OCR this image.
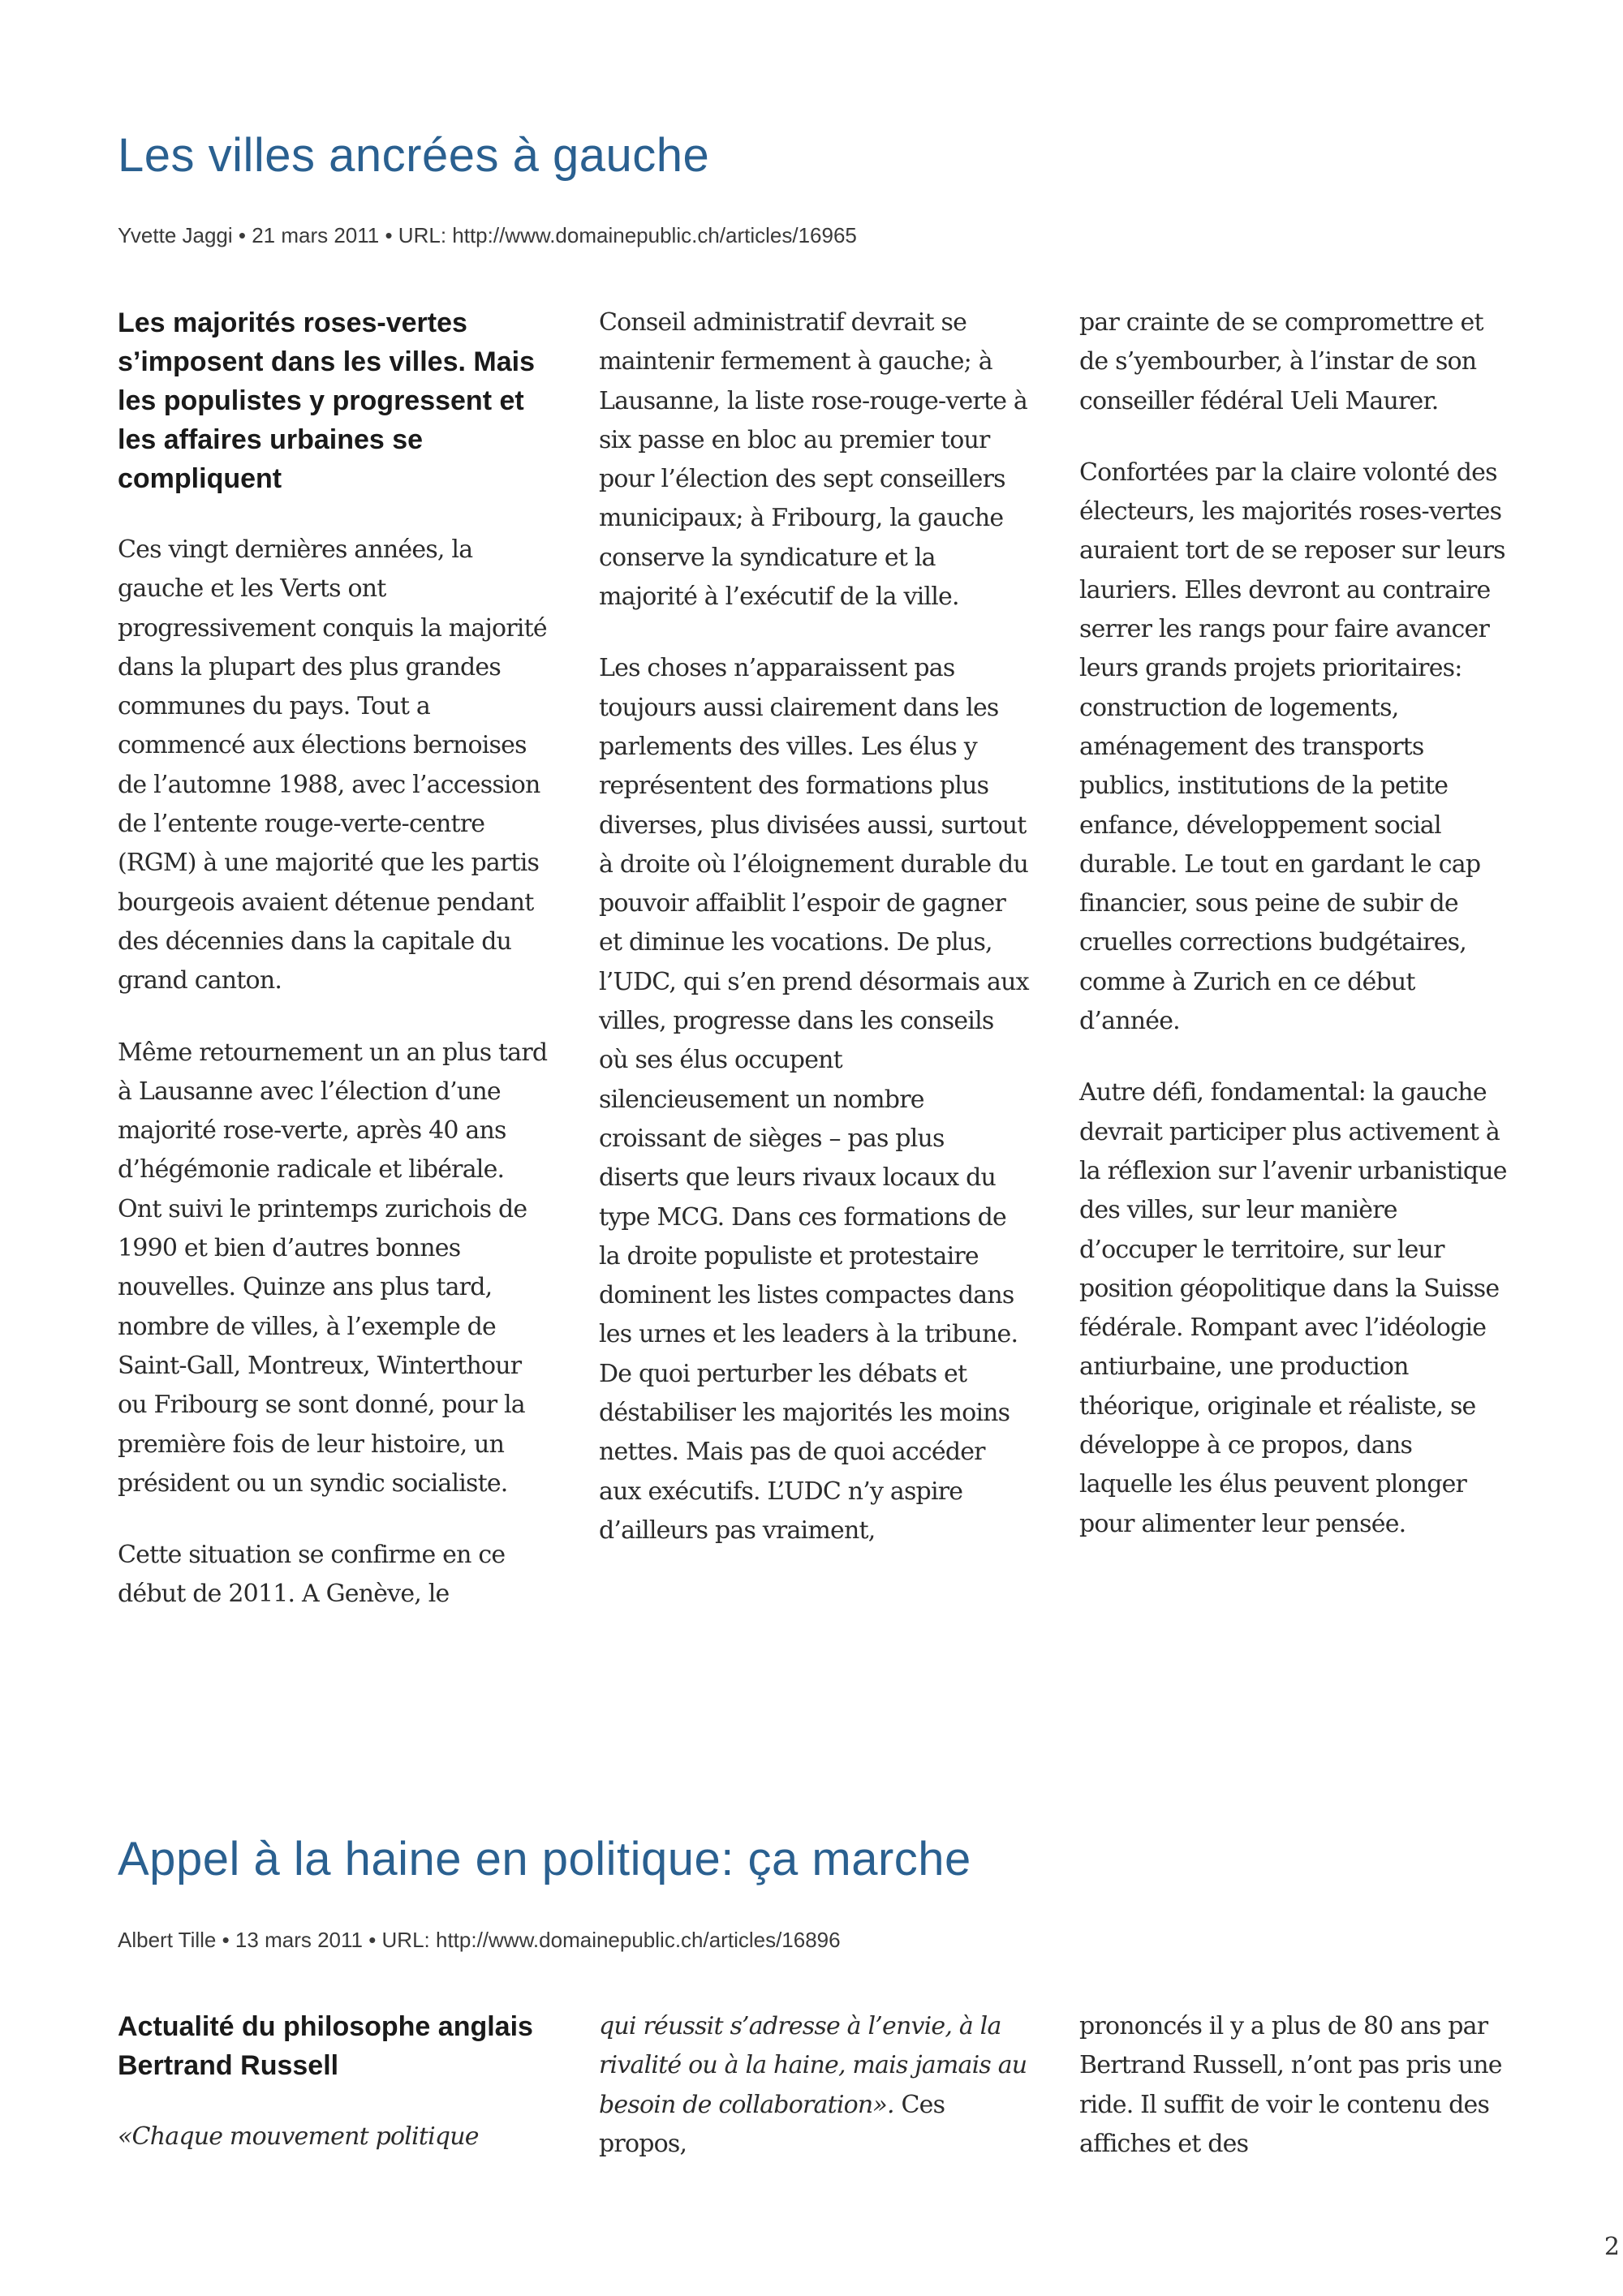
Les villes ancrées à gauche
Yvette Jaggi • 21 mars 2011 • URL: http://www.domainepublic.ch/articles/16965

Les majorités roses-vertes s’imposent dans les villes. Mais les populistes y progressent et les affaires urbaines se compliquent

Ces vingt dernières années, la gauche et les Verts ont progressivement conquis la majorité dans la plupart des plus grandes communes du pays. Tout a commencé aux élections bernoises de l’automne 1988, avec l’accession de l’entente rouge-verte-centre (RGM) à une majorité que les partis bourgeois avaient détenue pendant des décennies dans la capitale du grand canton.

Même retournement un an plus tard à Lausanne avec l’élection d’une majorité rose-verte, après 40 ans d’hégémonie radicale et libérale. Ont suivi le printemps zurichois de 1990 et bien d’autres bonnes nouvelles. Quinze ans plus tard, nombre de villes, à l’exemple de Saint-Gall, Montreux, Winterthour ou Fribourg se sont donné, pour la première fois de leur histoire, un président ou un syndic socialiste.

Cette situation se confirme en ce début de 2011. A Genève, le

Conseil administratif devrait se maintenir fermement à gauche; à Lausanne, la liste rose-rouge-verte à six passe en bloc au premier tour pour l’élection des sept conseillers municipaux; à Fribourg, la gauche conserve la syndicature et la majorité à l’exécutif de la ville.

Les choses n’apparaissent pas toujours aussi clairement dans les parlements des villes. Les élus y représentent des formations plus diverses, plus divisées aussi, surtout à droite où l’éloignement durable du pouvoir affaiblit l’espoir de gagner et diminue les vocations. De plus, l’UDC, qui s’en prend désormais aux villes, progresse dans les conseils où ses élus occupent silencieusement un nombre croissant de sièges – pas plus diserts que leurs rivaux locaux du type MCG. Dans ces formations de la droite populiste et protestaire dominent les listes compactes dans les urnes et les leaders à la tribune. De quoi perturber les débats et déstabiliser les majorités les moins nettes. Mais pas de quoi accéder aux exécutifs. L’UDC n’y aspire d’ailleurs pas vraiment,

par crainte de se compromettre et de s’yembourber, à l’instar de son conseiller fédéral Ueli Maurer.

Confortées par la claire volonté des électeurs, les majorités roses-vertes auraient tort de se reposer sur leurs lauriers. Elles devront au contraire serrer les rangs pour faire avancer leurs grands projets prioritaires: construction de logements, aménagement des transports publics, institutions de la petite enfance, développement social durable. Le tout en gardant le cap financier, sous peine de subir de cruelles corrections budgétaires, comme à Zurich en ce début d’année.

Autre défi, fondamental: la gauche devrait participer plus activement à la réflexion sur l’avenir urbanistique des villes, sur leur manière d’occuper le territoire, sur leur position géopolitique dans la Suisse fédérale. Rompant avec l’idéologie antiurbaine, une production théorique, originale et réaliste, se développe à ce propos, dans laquelle les élus peuvent plonger pour alimenter leur pensée.

Appel à la haine en politique: ça marche
Albert Tille • 13 mars 2011 • URL: http://www.domainepublic.ch/articles/16896

Actualité du philosophe anglais Bertrand Russell

«Chaque mouvement politique

qui réussit s’adresse à l’envie, à la rivalité ou à la haine, mais jamais au besoin de collaboration». Ces propos,

prononcés il y a plus de 80 ans par Bertrand Russell, n’ont pas pris une ride. Il suffit de voir le contenu des affiches et des

2
